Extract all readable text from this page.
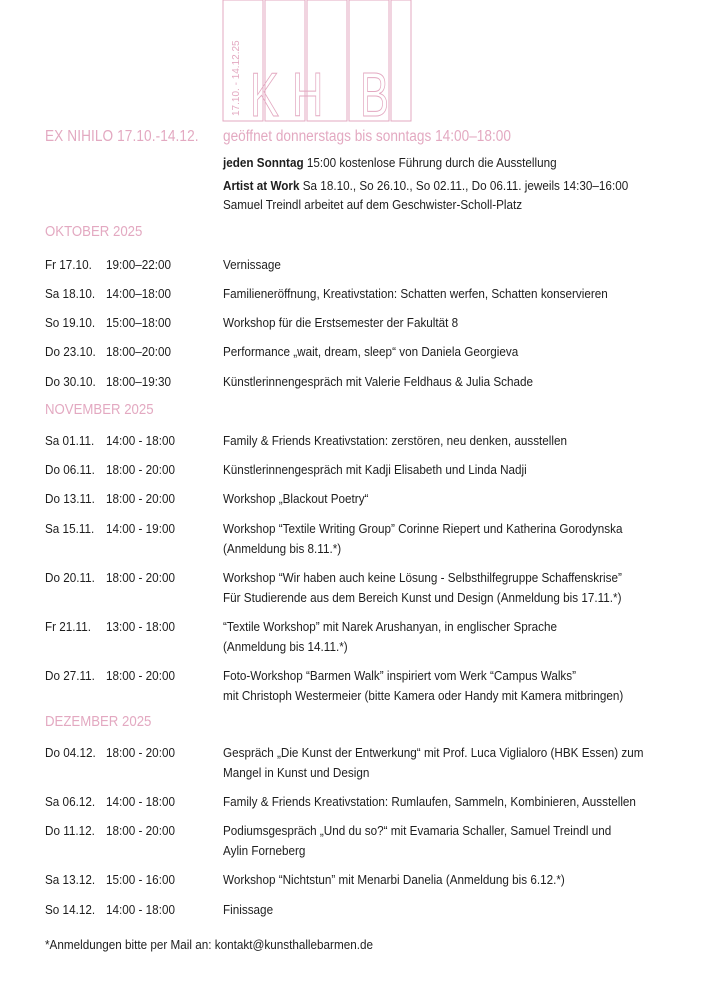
17.10. - 14.12.25 K H B
EX NIHILO 17.10.-14.12. geöffnet donnerstags bis sonntags 14:00–18:00
jeden Sonntag 15:00 kostenlose Führung durch die Ausstellung
Artist at Work Sa 18.10., So 26.10., So 02.11., Do 06.11. jeweils 14:30–16:00
Samuel Treindl arbeitet auf dem Geschwister-Scholl-Platz
OKTOBER 2025
Fr 17.10. 19:00–22:00	Vernissage
Sa 18.10. 14:00–18:00	Familieneröffnung, Kreativstation: Schatten werfen, Schatten konservieren
So 19.10. 15:00–18:00	Workshop für die Erstsemester der Fakultät 8
Do 23.10. 18:00–20:00	Performance „wait, dream, sleep“ von Daniela Georgieva
Do 30.10. 18:00–19:30	Künstlerinnengespräch mit Valerie Feldhaus & Julia Schade
NOVEMBER 2025
Sa 01.11. 14:00 - 18:00	Family & Friends Kreativstation: zerstören, neu denken, ausstellen
Do 06.11. 18:00 - 20:00	Künstlerinnengespräch mit Kadji Elisabeth und Linda Nadji
Do 13.11. 18:00 - 20:00	Workshop „Blackout Poetry“
Sa 15.11. 14:00 - 19:00	Workshop “Textile Writing Group” Corinne Riepert und Katherina Gorodynska
(Anmeldung bis 8.11.*)
Do 20.11. 18:00 - 20:00	Workshop “Wir haben auch keine Lösung - Selbsthilfegruppe Schaffenskrise”
Für Studierende aus dem Bereich Kunst und Design (Anmeldung bis 17.11.*)
Fr 21.11. 13:00 - 18:00	“Textile Workshop” mit Narek Arushanyan, in englischer Sprache
(Anmeldung bis 14.11.*)
Do 27.11. 18:00 - 20:00	Foto-Workshop “Barmen Walk” inspiriert vom Werk “Campus Walks”
mit Christoph Westermeier (bitte Kamera oder Handy mit Kamera mitbringen)
DEZEMBER 2025
Do 04.12. 18:00 - 20:00	Gespräch „Die Kunst der Entwerkung“ mit Prof. Luca Viglialoro (HBK Essen) zum
Mangel in Kunst und Design
Sa 06.12. 14:00 - 18:00	Family & Friends Kreativstation: Rumlaufen, Sammeln, Kombinieren, Ausstellen
Do 11.12. 18:00 - 20:00	Podiumsgespräch „Und du so?“ mit Evamaria Schaller, Samuel Treindl und
Aylin Forneberg
Sa 13.12. 15:00 - 16:00	Workshop “Nichtstun” mit Menarbi Danelia (Anmeldung bis 6.12.*)
So 14.12. 14:00 - 18:00	Finissage
*Anmeldungen bitte per Mail an: kontakt@kunsthallebarmen.de
